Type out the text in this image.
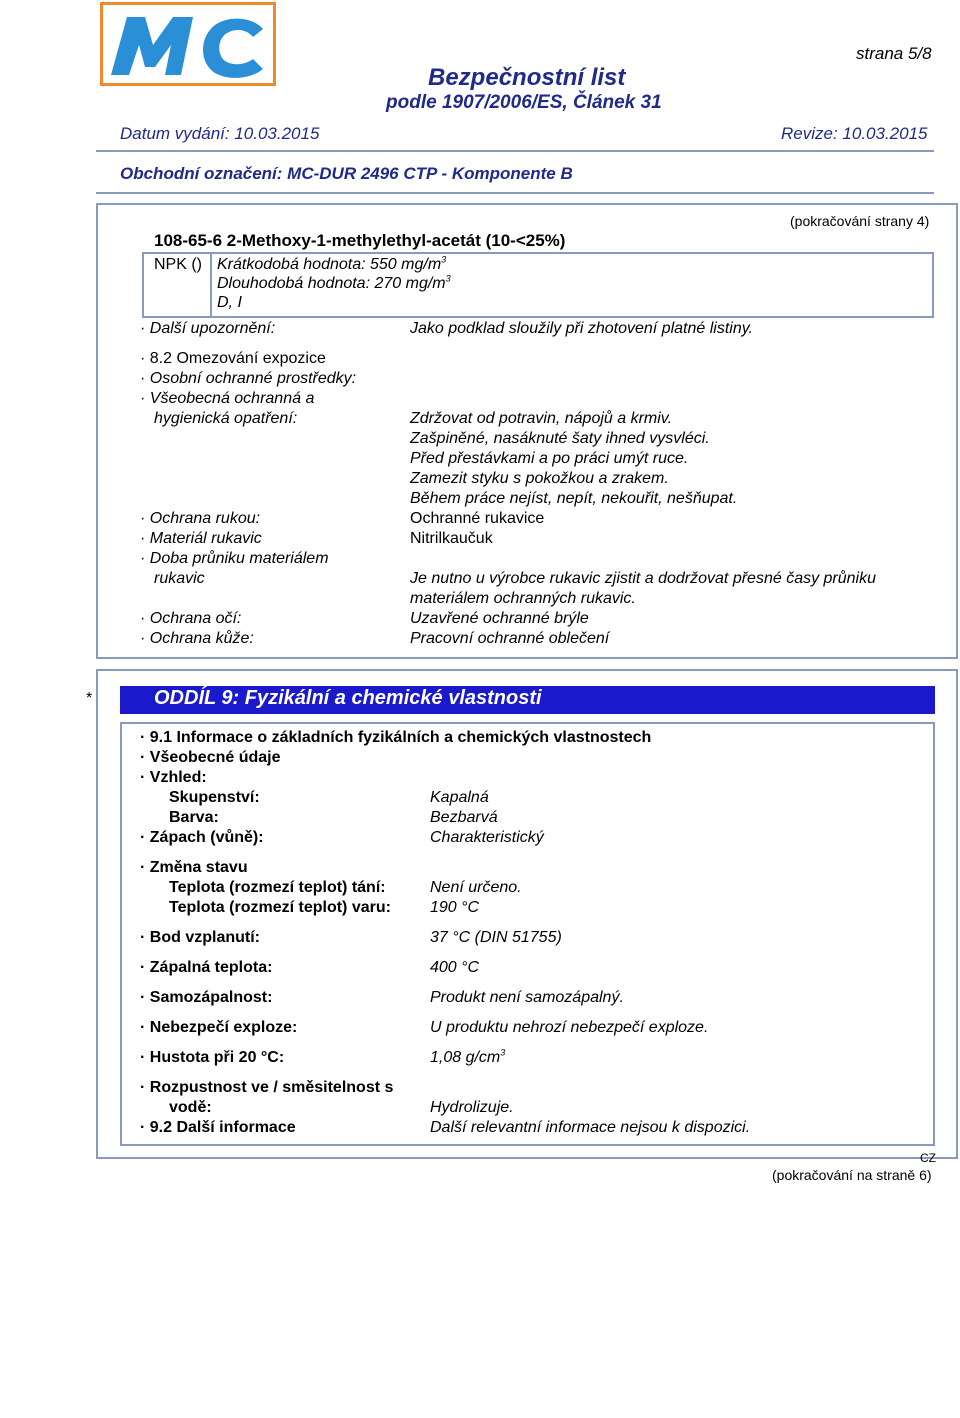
MC
strana 5/8
Bezpečnostní list
podle 1907/2006/ES, Článek 31
Datum vydání: 10.03.2015	Revize: 10.03.2015
Obchodní označení: MC-DUR 2496 CTP - Komponente B
(pokračování strany 4)
108-65-6 2-Methoxy-1-methylethyl-acetát (10-<25%)
NPK () Krátkodobá hodnota: 550 $mg/m^3$
Dlouhodobá hodnota: 270 $mg/m^3$
D, I
· Další upozornění:	Jako podklad sloužily při zhotovení platné listiny.
· 8.2 Omezování expozice
· Osobní ochranné prostředky:
· Všeobecná ochranná a
hygienická opatření:	Zdržovat od potravin, nápojů a krmiv.
Zašpiněné, nasáknuté šaty ihned vysvléci.
Před přestávkami a po práci umýt ruce.
Zamezit styku s pokožkou a zrakem.
Během práce nejíst, nepít, nekouřit, nešňupat.
· Ochrana rukou:	Ochranné rukavice
· Materiál rukavic	Nitrilkaučuk
· Doba průniku materiálem
rukavic	Je nutno u výrobce rukavic zjistit a dodržovat přesné časy průniku
materiálem ochranných rukavic.
· Ochrana očí:	Uzavřené ochranné brýle
· Ochrana kůže:	Pracovní ochranné oblečení
*	ODDÍL 9: Fyzikální a chemické vlastnosti
· 9.1 Informace o základních fyzikálních a chemických vlastnostech
· Všeobecné údaje
· Vzhled:
Skupenství:	Kapalná
Barva:	Bezbarvá
· Zápach (vůně):	Charakteristický
· Změna stavu
Teplota (rozmezí teplot) tání:	Není určeno.
Teplota (rozmezí teplot) varu: 190 °C
· Bod vzplanutí:	37 °C (DIN 51755)
· Zápalná teplota:	400 °C
· Samozápalnost:	Produkt není samozápalný.
· Nebezpečí exploze:	U produktu nehrozí nebezpečí exploze.
· Hustota při 20 °C:	1,08 $g/cm^3$
· Rozpustnost ve / směsitelnost s
vodě:	Hydrolizuje.
· 9.2 Další informace	Další relevantní informace nejsou k dispozici.
CZ
(pokračování na straně 6)
